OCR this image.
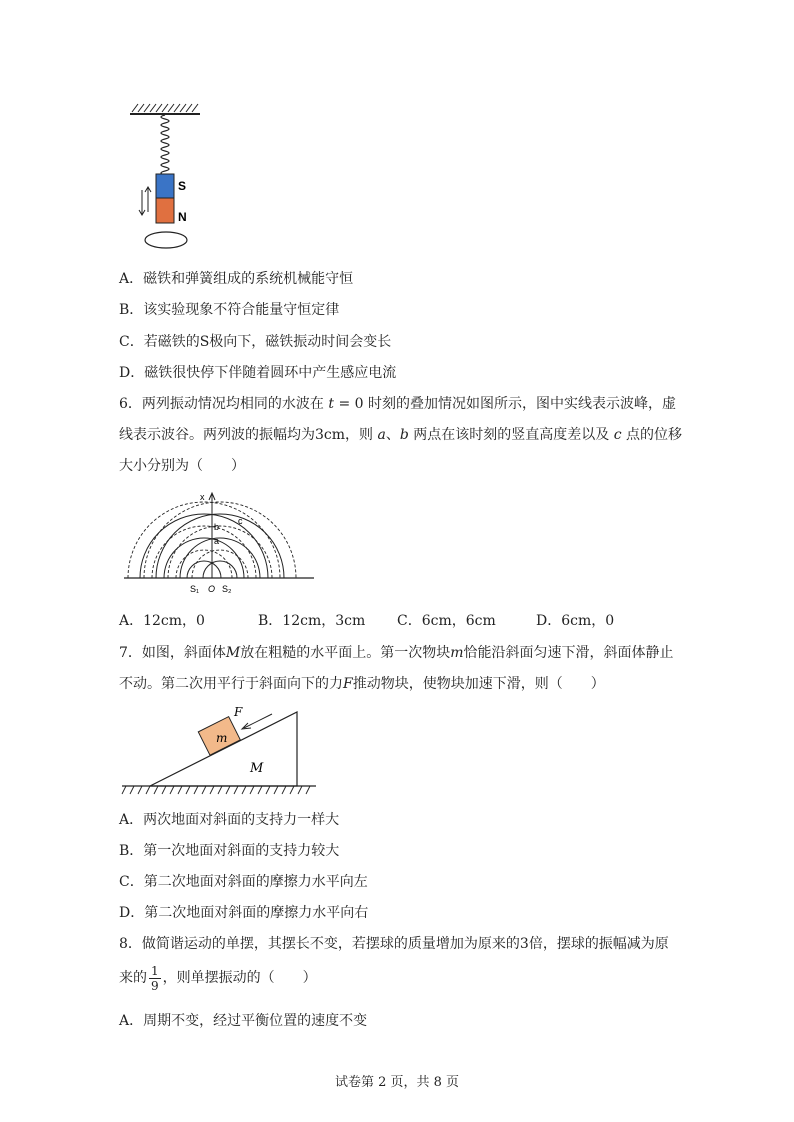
S
N
A．磁铁和弹簧组成的系统机械能守恒
B．该实验现象不符合能量守恒定律
C．若磁铁的S极向下，磁铁振动时间会变长
D．磁铁很快停下伴随着圆环中产生感应电流
6．两列振动情况均相同的水波在 t = 0 时刻的叠加情况如图所示，图中实线表示波峰，虚
线表示波谷。两列波的振幅均为3cm，则 a、b 两点在该时刻的竖直高度差以及 c 点的位移
大小分别为（　　）
x
a
b
c
S₁ O S₂
A．12cm，0	B．12cm，3cm C．6cm，6cm	D．6cm，0
7．如图，斜面体M放在粗糙的水平面上。第一次物块m恰能沿斜面匀速下滑，斜面体静止
不动。第二次用平行于斜面向下的力F推动物块，使物块加速下滑，则（　　）
m
F
M
A．两次地面对斜面的支持力一样大
B．第一次地面对斜面的支持力较大
C．第二次地面对斜面的摩擦力水平向左
D．第二次地面对斜面的摩擦力水平向右
8．做简谐运动的单摆，其摆长不变，若摆球的质量增加为原来的3倍，摆球的振幅减为原
来的 $\frac{1}{9}$ ，则单摆振动的（　　）
A．周期不变，经过平衡位置的速度不变
试卷第 2 页，共 8 页
